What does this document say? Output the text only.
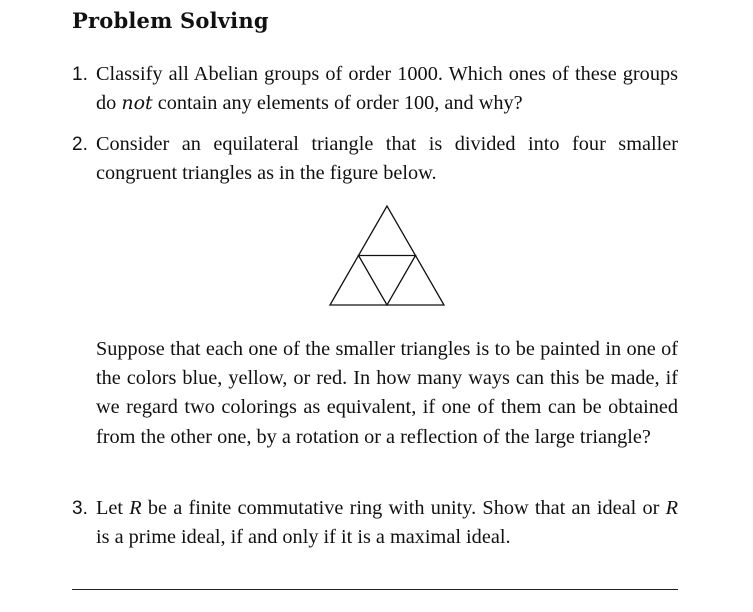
Problem Solving
1. Classify all Abelian groups of order 1000. Which ones of these groups do not contain any elements of order 100, and why?
2. Consider an equilateral triangle that is divided into four smaller congruent triangles as in the figure below.
Suppose that each one of the smaller triangles is to be painted in one of the colors blue, yellow, or red. In how many ways can this be made, if we regard two colorings as equivalent, if one of them can be obtained from the other one, by a rotation or a reflection of the large triangle?
3. Let R be a finite commutative ring with unity. Show that an ideal or R is a prime ideal, if and only if it is a maximal ideal.
